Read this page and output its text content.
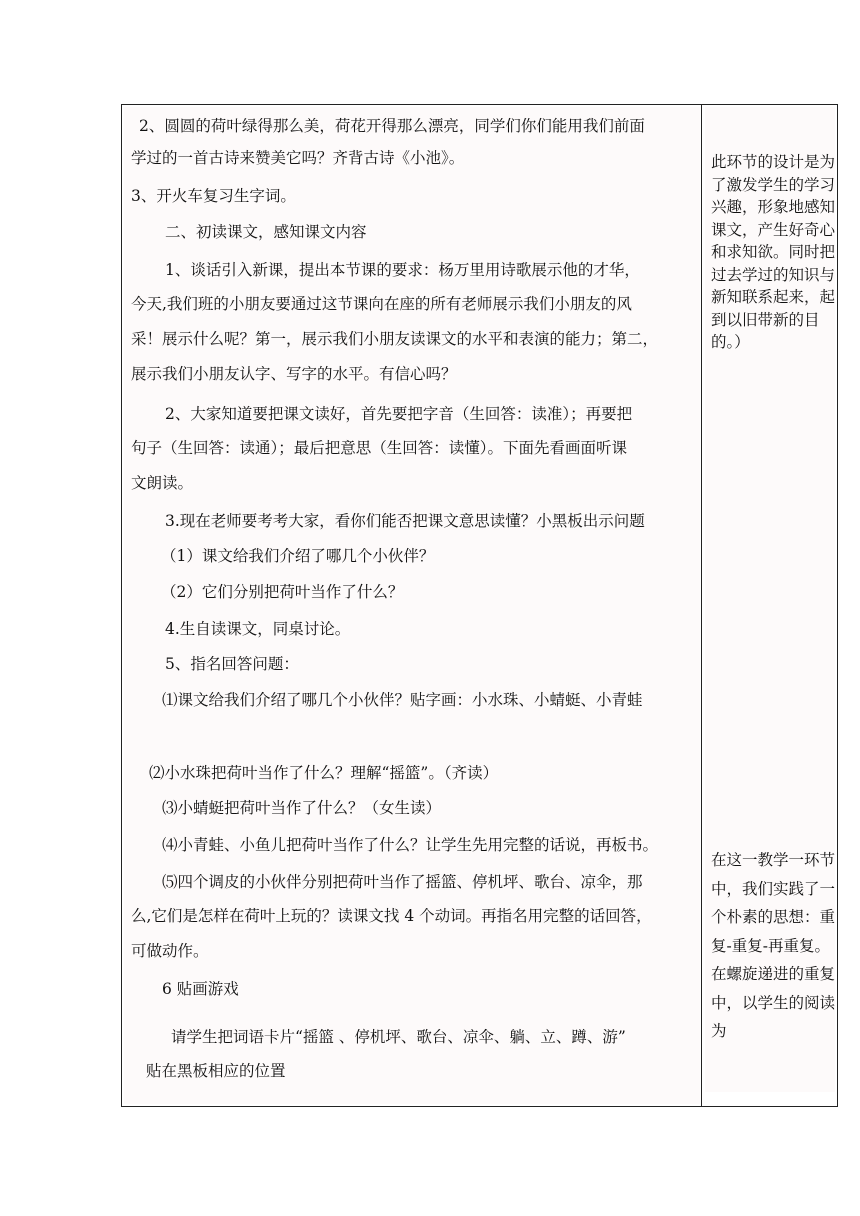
2、圆圆的荷叶绿得那么美，荷花开得那么漂亮，同学们你们能用我们前面

学过的一首古诗来赞美它吗？齐背古诗《小池》。

3、开火车复习生字词。

二、初读课文，感知课文内容

1、谈话引入新课，提出本节课的要求：杨万里用诗歌展示他的才华，

今天,我们班的小朋友要通过这节课向在座的所有老师展示我们小朋友的风

采！展示什么呢？第一，展示我们小朋友读课文的水平和表演的能力；第二，

展示我们小朋友认字、写字的水平。有信心吗？

2、大家知道要把课文读好，首先要把字音（生回答：读准）；再要把

句子（生回答：读通）；最后把意思（生回答：读懂）。下面先看画面听课

文朗读。

3.现在老师要考考大家，看你们能否把课文意思读懂？小黑板出示问题

（1）课文给我们介绍了哪几个小伙伴？

（2）它们分别把荷叶当作了什么？

4.生自读课文，同桌讨论。

5、指名回答问题：

⑴课文给我们介绍了哪几个小伙伴？贴字画：小水珠、小蜻蜓、小青蛙

⑵小水珠把荷叶当作了什么？理解“摇篮”。（齐读）

⑶小蜻蜓把荷叶当作了什么？（女生读）

⑷小青蛙、小鱼儿把荷叶当作了什么？让学生先用完整的话说，再板书。

⑸四个调皮的小伙伴分别把荷叶当作了摇篮、停机坪、歌台、凉伞，那

么,它们是怎样在荷叶上玩的？读课文找 4 个动词。再指名用完整的话回答，

可做动作。

6 贴画游戏

请学生把词语卡片“摇篮 、停机坪、歌台、凉伞、躺、立、蹲、游”

贴在黑板相应的位置

此环节的设计是为了激发学生的学习兴趣，形象地感知课文，产生好奇心和求知欲。同时把过去学过的知识与新知联系起来，起到以旧带新的目的。）

在这一教学一环节中，我们实践了一个朴素的思想：重复-重复-再重复。在螺旋递进的重复中，以学生的阅读为
